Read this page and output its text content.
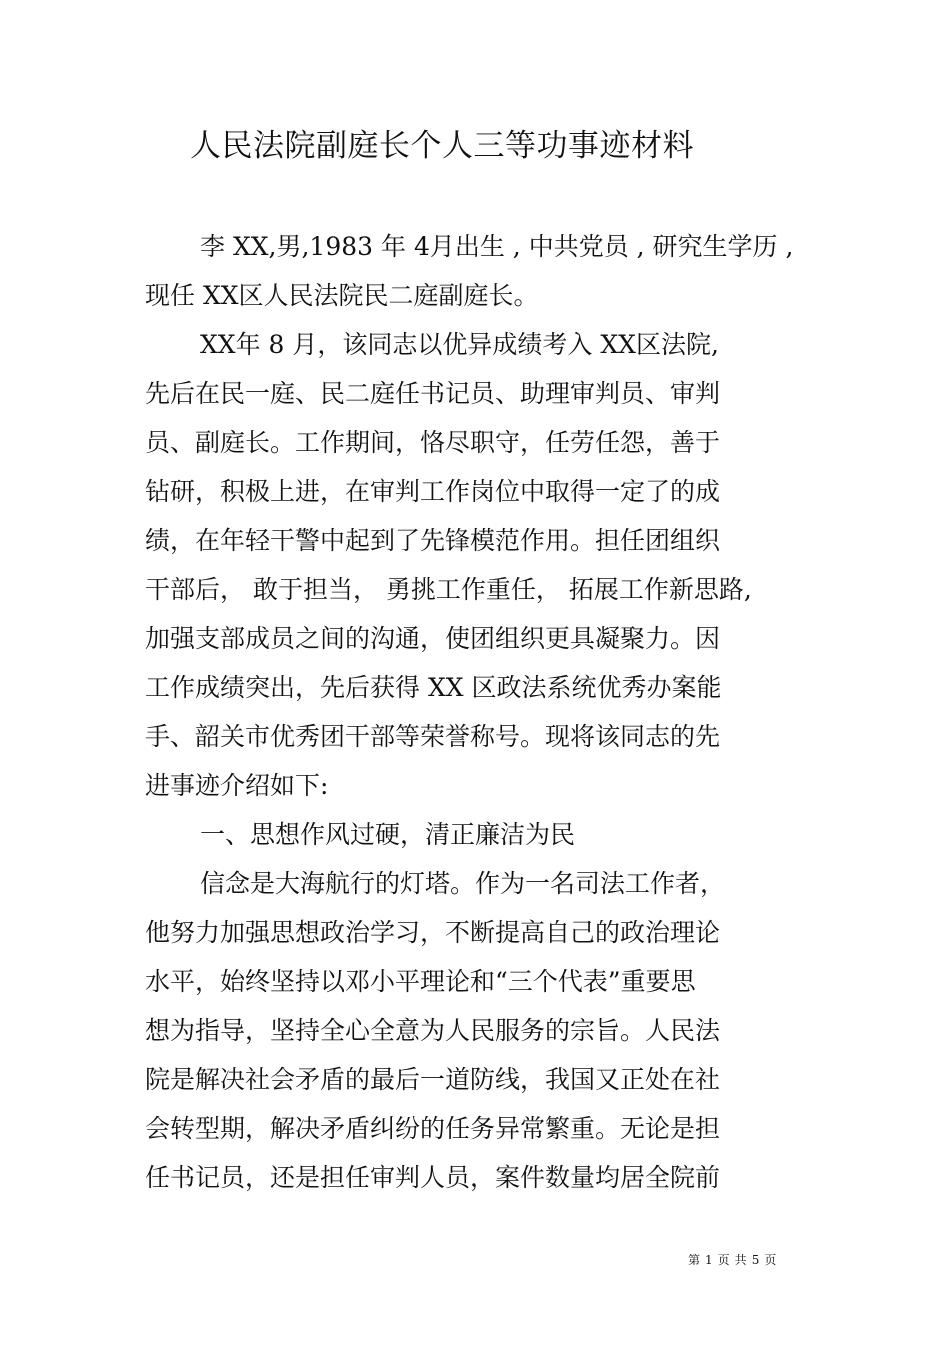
人民法院副庭长个人三等功事迹材料
李 XX,男,1983 年 4月出生 , 中共党员 , 研究生学历 ,
现任 XX区人民法院民二庭副庭长。
XX年 8 月，该同志以优异成绩考入 XX区法院,
先后在民一庭、民二庭任书记员、助理审判员、审判
员、副庭长。工作期间，恪尽职守，任劳任怨，善于
钻研，积极上进，在审判工作岗位中取得一定了的成
绩，在年轻干警中起到了先锋模范作用。担任团组织
干部后， 敢于担当， 勇挑工作重任， 拓展工作新思路,
加强支部成员之间的沟通，使团组织更具凝聚力。因
工作成绩突出，先后获得 XX 区政法系统优秀办案能
手、韶关市优秀团干部等荣誉称号。现将该同志的先
进事迹介绍如下:
一、思想作风过硬，清正廉洁为民
信念是大海航行的灯塔。作为一名司法工作者，
他努力加强思想政治学习，不断提高自己的政治理论
水平，始终坚持以邓小平理论和“三个代表”重要思
想为指导，坚持全心全意为人民服务的宗旨。人民法
院是解决社会矛盾的最后一道防线，我国又正处在社
会转型期，解决矛盾纠纷的任务异常繁重。无论是担
任书记员，还是担任审判人员，案件数量均居全院前
第 1 页 共 5 页
